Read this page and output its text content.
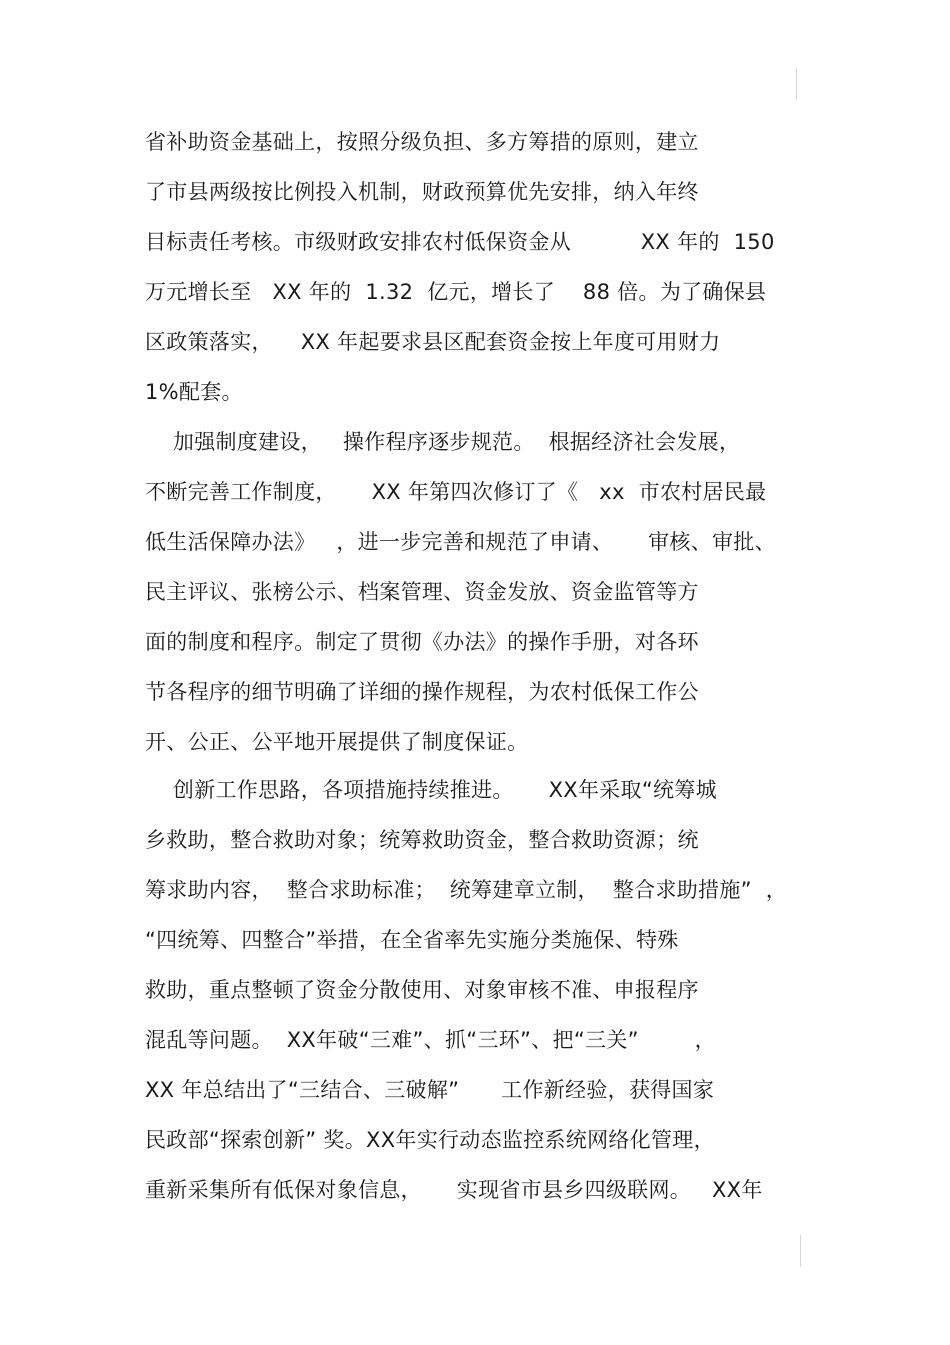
省补助资金基础上，按照分级负担、多方筹措的原则，建立
了市县两级按比例投入机制，财政预算优先安排，纳入年终
目标责任考核。市级财政安排农村低保资金从          XX 年的  150
万元增长至   XX 年的  1.32  亿元，增长了    88 倍。为了确保县
区政策落实，    XX 年起要求县区配套资金按上年度可用财力
1%配套。
加强制度建设，   操作程序逐步规范。  根据经济社会发展，
不断完善工作制度，     XX 年第四次修订了《   xx  市农村居民最
低生活保障办法》   ，进一步完善和规范了申请、     审核、审批、
民主评议、张榜公示、档案管理、资金发放、资金监管等方
面的制度和程序。制定了贯彻《办法》的操作手册，对各环
节各程序的细节明确了详细的操作规程，为农村低保工作公
开、公正、公平地开展提供了制度保证。
创新工作思路，各项措施持续推进。     XX年采取“统筹城
乡救助，整合救助对象；统筹救助资金，整合救助资源；统
筹求助内容，  整合求助标准；  统筹建章立制，  整合求助措施”  ，
“四统筹、四整合”举措，在全省率先实施分类施保、特殊
救助，重点整顿了资金分散使用、对象审核不准、申报程序
混乱等问题。  XX年破“三难”、抓“三环”、把“三关”        ，
XX 年总结出了“三结合、三破解”      工作新经验，获得国家
民政部“探索创新” 奖。XX年实行动态监控系统网络化管理，
重新采集所有低保对象信息，     实现省市县乡四级联网。   XX年
